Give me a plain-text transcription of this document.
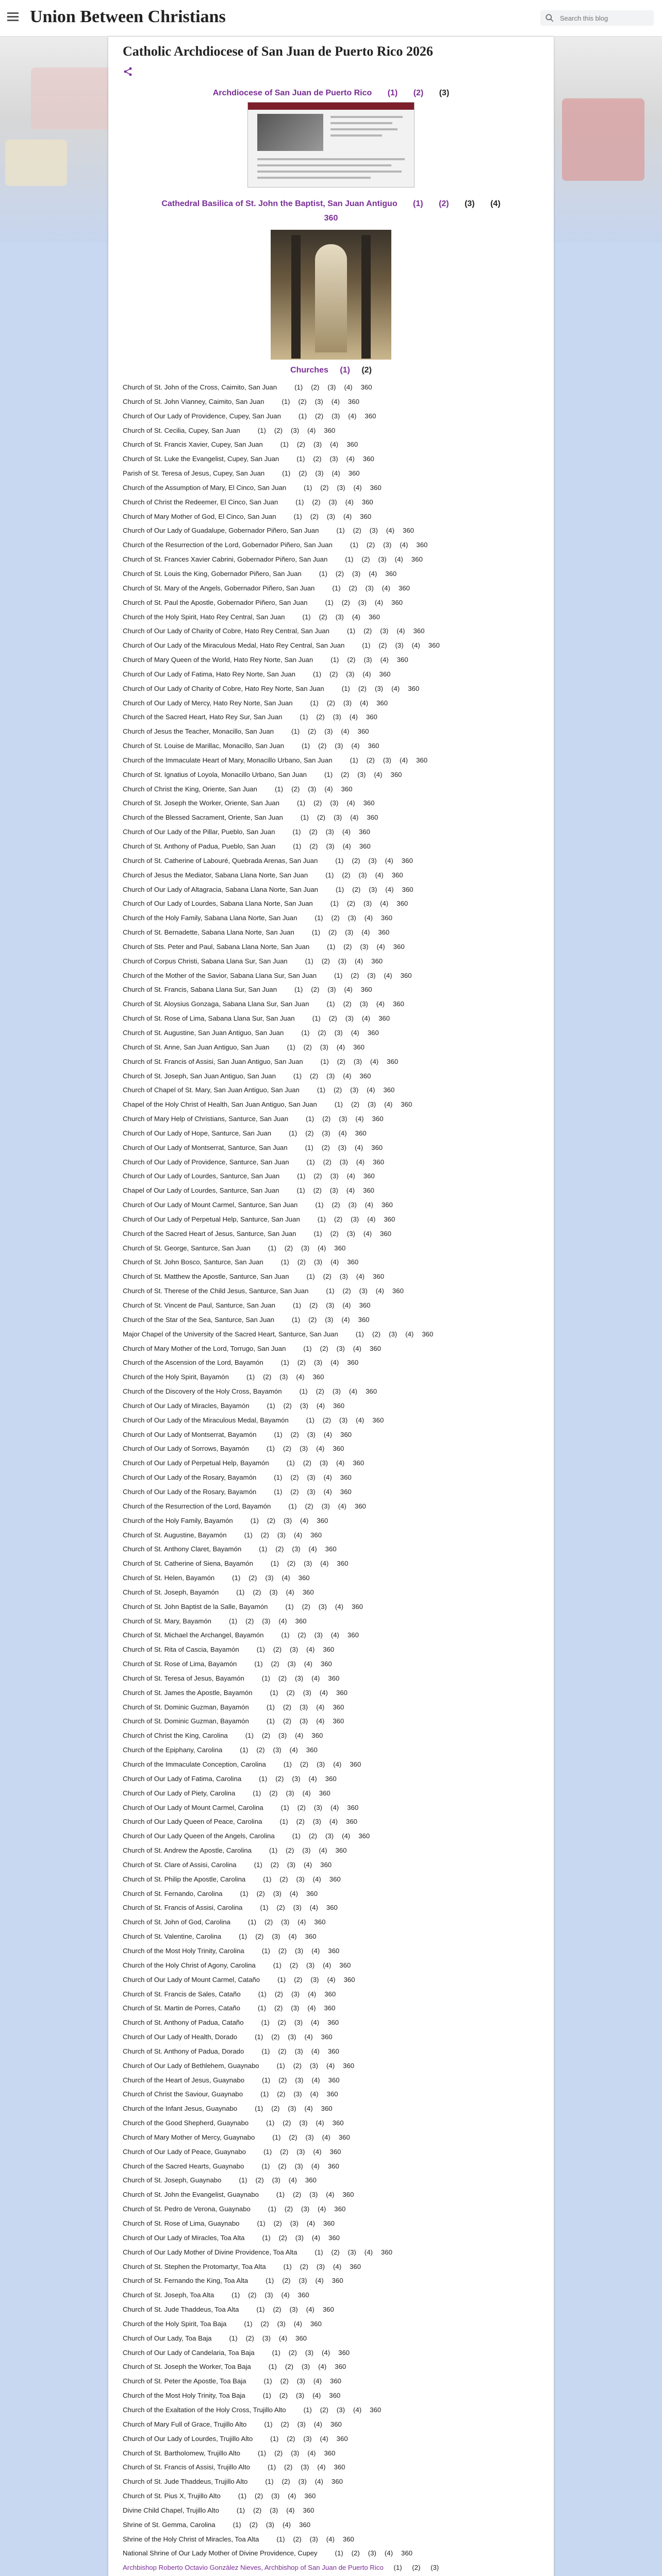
Union Between Christians
Search this blog
Catholic Archdiocese of San Juan de Puerto Rico 2026
Archdiocese of San Juan de Puerto Rico (1) (2) (3)
Cathedral Basilica of St. John the Baptist, San Juan Antiguo (1) (2) (3) (4)
360
Churches (1) (2)
Church of St. John of the Cross, Caimito, San Juan	(1) (2) (3) (4) 360
Church of St. John Vianney, Caimito, San Juan	(1) (2) (3) (4) 360
Church of Our Lady of Providence, Cupey, San Juan	(1) (2) (3) (4) 360
Church of St. Cecilia, Cupey, San Juan	(1) (2) (3) (4) 360
Church of St. Francis Xavier, Cupey, San Juan	(1) (2) (3) (4) 360
Church of St. Luke the Evangelist, Cupey, San Juan	(1) (2) (3) (4) 360
Parish of St. Teresa of Jesus, Cupey, San Juan	(1) (2) (3) (4) 360
Church of the Assumption of Mary, El Cinco, San Juan	(1) (2) (3) (4) 360
Church of Christ the Redeemer, El Cinco, San Juan	(1) (2) (3) (4) 360
Church of Mary Mother of God, El Cinco, San Juan	(1) (2) (3) (4) 360
Church of Our Lady of Guadalupe, Gobernador Piñero, San Juan	(1) (2) (3) (4) 360
Church of the Resurrection of the Lord, Gobernador Piñero, San Juan	(1) (2) (3) (4) 360
Church of St. Frances Xavier Cabrini, Gobernador Piñero, San Juan	(1) (2) (3) (4) 360
Church of St. Louis the King, Gobernador Piñero, San Juan	(1) (2) (3) (4) 360
Church of St. Mary of the Angels, Gobernador Piñero, San Juan	(1) (2) (3) (4) 360
Church of St. Paul the Apostle, Gobernador Piñero, San Juan	(1) (2) (3) (4) 360
Church of the Holy Spirit, Hato Rey Central, San Juan	(1) (2) (3) (4) 360
Church of Our Lady of Charity of Cobre, Hato Rey Central, San Juan	(1) (2) (3) (4) 360
Church of Our Lady of the Miraculous Medal, Hato Rey Central, San Juan	(1) (2) (3) (4) 360
Church of Mary Queen of the World, Hato Rey Norte, San Juan	(1) (2) (3) (4) 360
Church of Our Lady of Fatima, Hato Rey Norte, San Juan	(1) (2) (3) (4) 360
Church of Our Lady of Charity of Cobre, Hato Rey Norte, San Juan	(1) (2) (3) (4) 360
Church of Our Lady of Mercy, Hato Rey Norte, San Juan	(1) (2) (3) (4) 360
Church of the Sacred Heart, Hato Rey Sur, San Juan	(1) (2) (3) (4) 360
Church of Jesus the Teacher, Monacillo, San Juan	(1) (2) (3) (4) 360
Church of St. Louise de Marillac, Monacillo, San Juan	(1) (2) (3) (4) 360
Church of the Immaculate Heart of Mary, Monacillo Urbano, San Juan	(1) (2) (3) (4) 360
Church of St. Ignatius of Loyola, Monacillo Urbano, San Juan	(1) (2) (3) (4) 360
Church of Christ the King, Oriente, San Juan	(1) (2) (3) (4) 360
Church of St. Joseph the Worker, Oriente, San Juan	(1) (2) (3) (4) 360
Church of the Blessed Sacrament, Oriente, San Juan	(1) (2) (3) (4) 360
Church of Our Lady of the Pillar, Pueblo, San Juan	(1) (2) (3) (4) 360
Church of St. Anthony of Padua, Pueblo, San Juan	(1) (2) (3) (4) 360
Church of St. Catherine of Labouré, Quebrada Arenas, San Juan	(1) (2) (3) (4) 360
Church of Jesus the Mediator, Sabana Llana Norte, San Juan	(1) (2) (3) (4) 360
Church of Our Lady of Altagracia, Sabana Llana Norte, San Juan	(1) (2) (3) (4) 360
Church of Our Lady of Lourdes, Sabana Llana Norte, San Juan	(1) (2) (3) (4) 360
Church of the Holy Family, Sabana Llana Norte, San Juan	(1) (2) (3) (4) 360
Church of St. Bernadette, Sabana Llana Norte, San Juan	(1) (2) (3) (4) 360
Church of Sts. Peter and Paul, Sabana Llana Norte, San Juan	(1) (2) (3) (4) 360
Church of Corpus Christi, Sabana Llana Sur, San Juan	(1) (2) (3) (4) 360
Church of the Mother of the Savior, Sabana Llana Sur, San Juan	(1) (2) (3) (4) 360
Church of St. Francis, Sabana Llana Sur, San Juan	(1) (2) (3) (4) 360
Church of St. Aloysius Gonzaga, Sabana Llana Sur, San Juan	(1) (2) (3) (4) 360
Church of St. Rose of Lima, Sabana Llana Sur, San Juan	(1) (2) (3) (4) 360
Church of St. Augustine, San Juan Antiguo, San Juan	(1) (2) (3) (4) 360
Church of St. Anne, San Juan Antiguo, San Juan	(1) (2) (3) (4) 360
Church of St. Francis of Assisi, San Juan Antiguo, San Juan	(1) (2) (3) (4) 360
Church of St. Joseph, San Juan Antiguo, San Juan	(1) (2) (3) (4) 360
Church of Chapel of St. Mary, San Juan Antiguo, San Juan	(1) (2) (3) (4) 360
Chapel of the Holy Christ of Health, San Juan Antiguo, San Juan	(1) (2) (3) (4) 360
Church of Mary Help of Christians, Santurce, San Juan	(1) (2) (3) (4) 360
Church of Our Lady of Hope, Santurce, San Juan	(1) (2) (3) (4) 360
Church of Our Lady of Montserrat, Santurce, San Juan	(1) (2) (3) (4) 360
Church of Our Lady of Providence, Santurce, San Juan	(1) (2) (3) (4) 360
Church of Our Lady of Lourdes, Santurce, San Juan	(1) (2) (3) (4) 360
Chapel of Our Lady of Lourdes, Santurce, San Juan	(1) (2) (3) (4) 360
Church of Our Lady of Mount Carmel, Santurce, San Juan	(1) (2) (3) (4) 360
Church of Our Lady of Perpetual Help, Santurce, San Juan	(1) (2) (3) (4) 360
Church of the Sacred Heart of Jesus, Santurce, San Juan	(1) (2) (3) (4) 360
Church of St. George, Santurce, San Juan	(1) (2) (3) (4) 360
Church of St. John Bosco, Santurce, San Juan	(1) (2) (3) (4) 360
Church of St. Matthew the Apostle, Santurce, San Juan	(1) (2) (3) (4) 360
Church of St. Therese of the Child Jesus, Santurce, San Juan	(1) (2) (3) (4) 360
Church of St. Vincent de Paul, Santurce, San Juan	(1) (2) (3) (4) 360
Church of the Star of the Sea, Santurce, San Juan	(1) (2) (3) (4) 360
Major Chapel of the University of the Sacred Heart, Santurce, San Juan	(1) (2) (3) (4) 360
Church of Mary Mother of the Lord, Torrugo, San Juan	(1) (2) (3) (4) 360
Church of the Ascension of the Lord, Bayamón	(1) (2) (3) (4) 360
Church of the Holy Spirit, Bayamón	(1) (2) (3) (4) 360
Church of the Discovery of the Holy Cross, Bayamón	(1) (2) (3) (4) 360
Church of Our Lady of Miracles, Bayamón	(1) (2) (3) (4) 360
Church of Our Lady of the Miraculous Medal, Bayamón	(1) (2) (3) (4) 360
Church of Our Lady of Montserrat, Bayamón	(1) (2) (3) (4) 360
Church of Our Lady of Sorrows, Bayamón	(1) (2) (3) (4) 360
Church of Our Lady of Perpetual Help, Bayamón	(1) (2) (3) (4) 360
Church of Our Lady of the Rosary, Bayamón	(1) (2) (3) (4) 360
Church of Our Lady of the Rosary, Bayamón	(1) (2) (3) (4) 360
Church of the Resurrection of the Lord, Bayamón	(1) (2) (3) (4) 360
Church of the Holy Family, Bayamón	(1) (2) (3) (4) 360
Church of St. Augustine, Bayamón	(1) (2) (3) (4) 360
Church of St. Anthony Claret, Bayamón	(1) (2) (3) (4) 360
Church of St. Catherine of Siena, Bayamón	(1) (2) (3) (4) 360
Church of St. Helen, Bayamón	(1) (2) (3) (4) 360
Church of St. Joseph, Bayamón	(1) (2) (3) (4) 360
Church of St. John Baptist de la Salle, Bayamón	(1) (2) (3) (4) 360
Church of St. Mary, Bayamón	(1) (2) (3) (4) 360
Church of St. Michael the Archangel, Bayamón	(1) (2) (3) (4) 360
Church of St. Rita of Cascia, Bayamón	(1) (2) (3) (4) 360
Church of St. Rose of Lima, Bayamón	(1) (2) (3) (4) 360
Church of St. Teresa of Jesus, Bayamón	(1) (2) (3) (4) 360
Church of St. James the Apostle, Bayamón	(1) (2) (3) (4) 360
Church of St. Dominic Guzman, Bayamón	(1) (2) (3) (4) 360
Church of St. Dominic Guzman, Bayamón	(1) (2) (3) (4) 360
Church of Christ the King, Carolina	(1) (2) (3) (4) 360
Church of the Epiphany, Carolina	(1) (2) (3) (4) 360
Church of the Immaculate Conception, Carolina	(1) (2) (3) (4) 360
Church of Our Lady of Fatima, Carolina	(1) (2) (3) (4) 360
Church of Our Lady of Piety, Carolina	(1) (2) (3) (4) 360
Church of Our Lady of Mount Carmel, Carolina	(1) (2) (3) (4) 360
Church of Our Lady Queen of Peace, Carolina	(1) (2) (3) (4) 360
Church of Our Lady Queen of the Angels, Carolina	(1) (2) (3) (4) 360
Church of St. Andrew the Apostle, Carolina	(1) (2) (3) (4) 360
Church of St. Clare of Assisi, Carolina	(1) (2) (3) (4) 360
Church of St. Philip the Apostle, Carolina	(1) (2) (3) (4) 360
Church of St. Fernando, Carolina	(1) (2) (3) (4) 360
Church of St. Francis of Assisi, Carolina	(1) (2) (3) (4) 360
Church of St. John of God, Carolina	(1) (2) (3) (4) 360
Church of St. Valentine, Carolina	(1) (2) (3) (4) 360
Church of the Most Holy Trinity, Carolina	(1) (2) (3) (4) 360
Church of the Holy Christ of Agony, Carolina	(1) (2) (3) (4) 360
Church of Our Lady of Mount Carmel, Cataño	(1) (2) (3) (4) 360
Church of St. Francis de Sales, Cataño	(1) (2) (3) (4) 360
Church of St. Martin de Porres, Cataño	(1) (2) (3) (4) 360
Church of St. Anthony of Padua, Cataño	(1) (2) (3) (4) 360
Church of Our Lady of Health, Dorado	(1) (2) (3) (4) 360
Church of St. Anthony of Padua, Dorado	(1) (2) (3) (4) 360
Church of Our Lady of Bethlehem, Guaynabo	(1) (2) (3) (4) 360
Church of the Heart of Jesus, Guaynabo	(1) (2) (3) (4) 360
Church of Christ the Saviour, Guaynabo	(1) (2) (3) (4) 360
Church of the Infant Jesus, Guaynabo	(1) (2) (3) (4) 360
Church of the Good Shepherd, Guaynabo	(1) (2) (3) (4) 360
Church of Mary Mother of Mercy, Guaynabo	(1) (2) (3) (4) 360
Church of Our Lady of Peace, Guaynabo	(1) (2) (3) (4) 360
Church of the Sacred Hearts, Guaynabo	(1) (2) (3) (4) 360
Church of St. Joseph, Guaynabo	(1) (2) (3) (4) 360
Church of St. John the Evangelist, Guaynabo	(1) (2) (3) (4) 360
Church of St. Pedro de Verona, Guaynabo	(1) (2) (3) (4) 360
Church of St. Rose of Lima, Guaynabo	(1) (2) (3) (4) 360
Church of Our Lady of Miracles, Toa Alta	(1) (2) (3) (4) 360
Church of Our Lady Mother of Divine Providence, Toa Alta	(1) (2) (3) (4) 360
Church of St. Stephen the Protomartyr, Toa Alta	(1) (2) (3) (4) 360
Church of St. Fernando the King, Toa Alta	(1) (2) (3) (4) 360
Church of St. Joseph, Toa Alta	(1) (2) (3) (4) 360
Church of St. Jude Thaddeus, Toa Alta	(1) (2) (3) (4) 360
Church of the Holy Spirit, Toa Baja	(1) (2) (3) (4) 360
Church of Our Lady, Toa Baja	(1) (2) (3) (4) 360
Church of Our Lady of Candelaria, Toa Baja	(1) (2) (3) (4) 360
Church of St. Joseph the Worker, Toa Baja	(1) (2) (3) (4) 360
Church of St. Peter the Apostle, Toa Baja	(1) (2) (3) (4) 360
Church of the Most Holy Trinity, Toa Baja	(1) (2) (3) (4) 360
Church of the Exaltation of the Holy Cross, Trujillo Alto	(1) (2) (3) (4) 360
Church of Mary Full of Grace, Trujillo Alto	(1) (2) (3) (4) 360
Church of Our Lady of Lourdes, Trujillo Alto	(1) (2) (3) (4) 360
Church of St. Bartholomew, Trujillo Alto	(1) (2) (3) (4) 360
Church of St. Francis of Assisi, Trujillo Alto	(1) (2) (3) (4) 360
Church of St. Jude Thaddeus, Trujillo Alto	(1) (2) (3) (4) 360
Church of St. Pius X, Trujillo Alto	(1) (2) (3) (4) 360
Divine Child Chapel, Trujillo Alto	(1) (2) (3) (4) 360
Shrine of St. Gemma, Carolina	(1) (2) (3) (4) 360
Shrine of the Holy Christ of Miracles, Toa Alta	(1) (2) (3) (4) 360
National Shrine of Our Lady Mother of Divine Providence, Cupey	(1) (2) (3) (4) 360
Archbishop Roberto Octavio González Nieves, Archbishop of San Juan de Puerto Rico (1) (2) (3)
